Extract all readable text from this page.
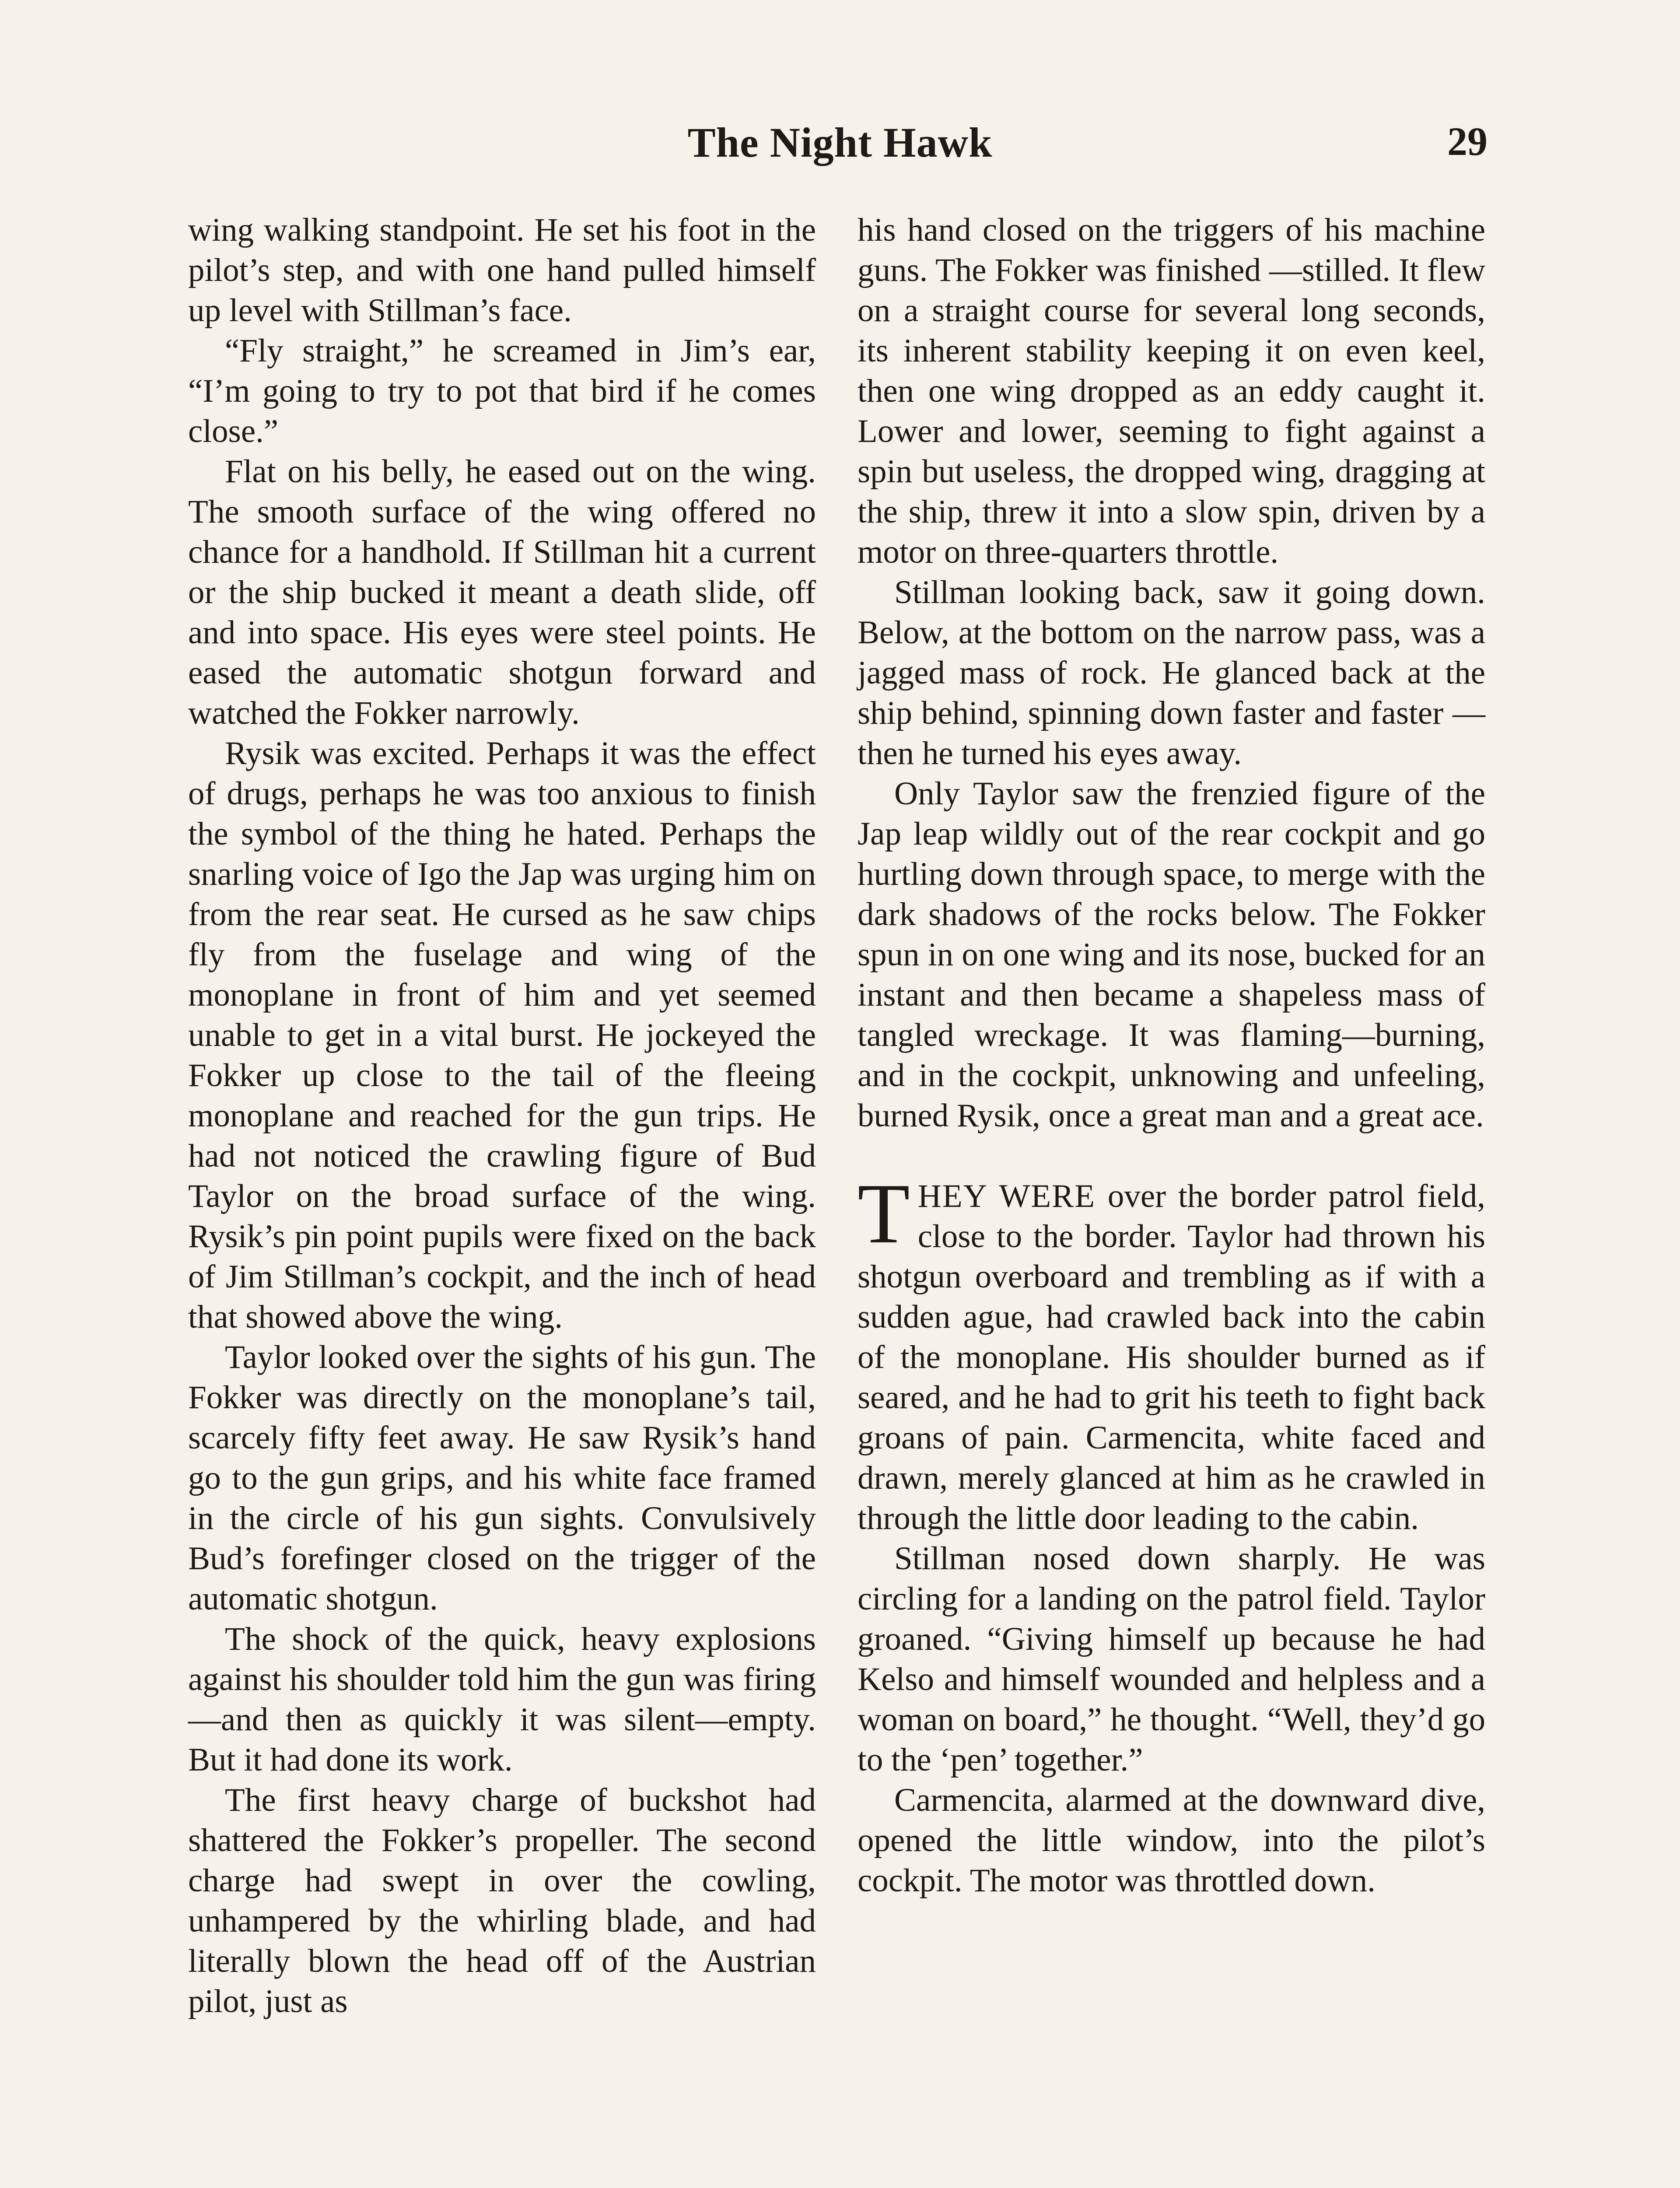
The Night Hawk	29

wing walking standpoint. He set his foot in the pilot’s step, and with one hand pulled himself up level with Stillman’s face.

“Fly straight,” he screamed in Jim’s ear, “I’m going to try to pot that bird if he comes close.”

Flat on his belly, he eased out on the wing. The smooth surface of the wing offered no chance for a handhold. If Stillman hit a current or the ship bucked it meant a death slide, off and into space. His eyes were steel points. He eased the automatic shotgun forward and watched the Fokker narrowly.

Rysik was excited. Perhaps it was the effect of drugs, perhaps he was too anxious to finish the symbol of the thing he hated. Perhaps the snarling voice of Igo the Jap was urging him on from the rear seat. He cursed as he saw chips fly from the fuselage and wing of the monoplane in front of him and yet seemed unable to get in a vital burst. He jockeyed the Fokker up close to the tail of the fleeing monoplane and reached for the gun trips. He had not noticed the crawling figure of Bud Taylor on the broad surface of the wing. Rysik’s pin point pupils were fixed on the back of Jim Stillman’s cockpit, and the inch of head that showed above the wing.

Taylor looked over the sights of his gun. The Fokker was directly on the monoplane’s tail, scarcely fifty feet away. He saw Rysik’s hand go to the gun grips, and his white face framed in the circle of his gun sights. Convulsively Bud’s forefinger closed on the trigger of the automatic shotgun.

The shock of the quick, heavy explosions against his shoulder told him the gun was firing—and then as quickly it was silent—empty. But it had done its work.

The first heavy charge of buckshot had shattered the Fokker’s propeller. The second charge had swept in over the cowling, unhampered by the whirling blade, and had literally blown the head off of the Austrian pilot, just as

his hand closed on the triggers of his machine guns. The Fokker was finished —stilled. It flew on a straight course for several long seconds, its inherent stability keeping it on even keel, then one wing dropped as an eddy caught it. Lower and lower, seeming to fight against a spin but useless, the dropped wing, dragging at the ship, threw it into a slow spin, driven by a motor on three-quarters throttle.

Stillman looking back, saw it going down. Below, at the bottom on the narrow pass, was a jagged mass of rock. He glanced back at the ship behind, spinning down faster and faster —then he turned his eyes away.

Only Taylor saw the frenzied figure of the Jap leap wildly out of the rear cockpit and go hurtling down through space, to merge with the dark shadows of the rocks below. The Fokker spun in on one wing and its nose, bucked for an instant and then became a shapeless mass of tangled wreckage. It was flaming—burning, and in the cockpit, unknowing and unfeeling, burned Rysik, once a great man and a great ace.

THEY WERE over the border patrol field, close to the border. Taylor had thrown his shotgun overboard and trembling as if with a sudden ague, had crawled back into the cabin of the monoplane. His shoulder burned as if seared, and he had to grit his teeth to fight back groans of pain. Carmencita, white faced and drawn, merely glanced at him as he crawled in through the little door leading to the cabin.

Stillman nosed down sharply. He was circling for a landing on the patrol field. Taylor groaned. “Giving himself up because he had Kelso and himself wounded and helpless and a woman on board,” he thought. “Well, they’d go to the ‘pen’ together.”

Carmencita, alarmed at the downward dive, opened the little window, into the pilot’s cockpit. The motor was throttled down.
